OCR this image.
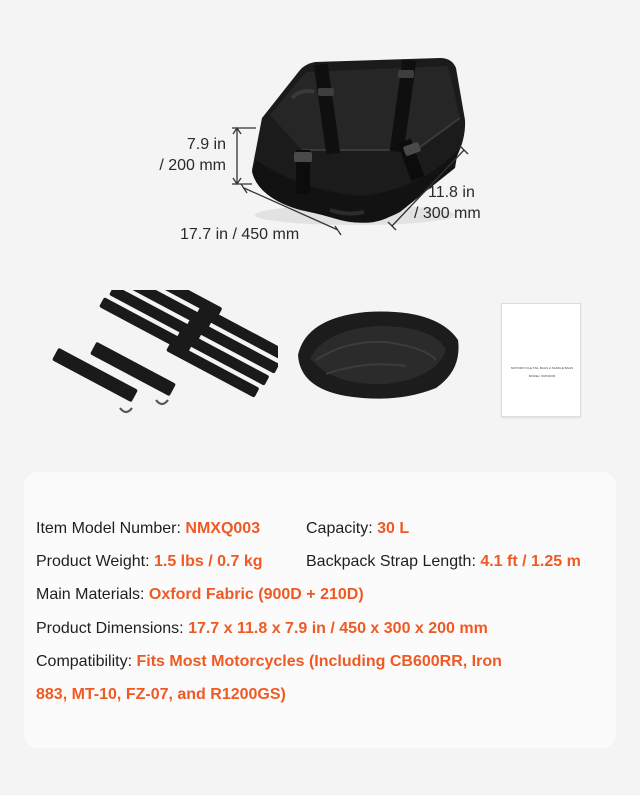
7.9 in
/ 200 mm
11.8 in
/ 300 mm
17.7 in / 450 mm
MOTORCYCLE TAIL BAGS & SADDLE BAGS
MODEL: NMXQ003
Item Model Number: NMXQ003	Capacity: 30 L
Product Weight: 1.5 lbs / 0.7 kg	Backpack Strap Length: 4.1 ft / 1.25 m
Main Materials: Oxford Fabric (900D + 210D)
Product Dimensions: 17.7 x 11.8 x 7.9 in / 450 x 300 x 200 mm
Compatibility: Fits Most Motorcycles (Including CB600RR, Iron
883, MT-10, FZ-07, and R1200GS)
